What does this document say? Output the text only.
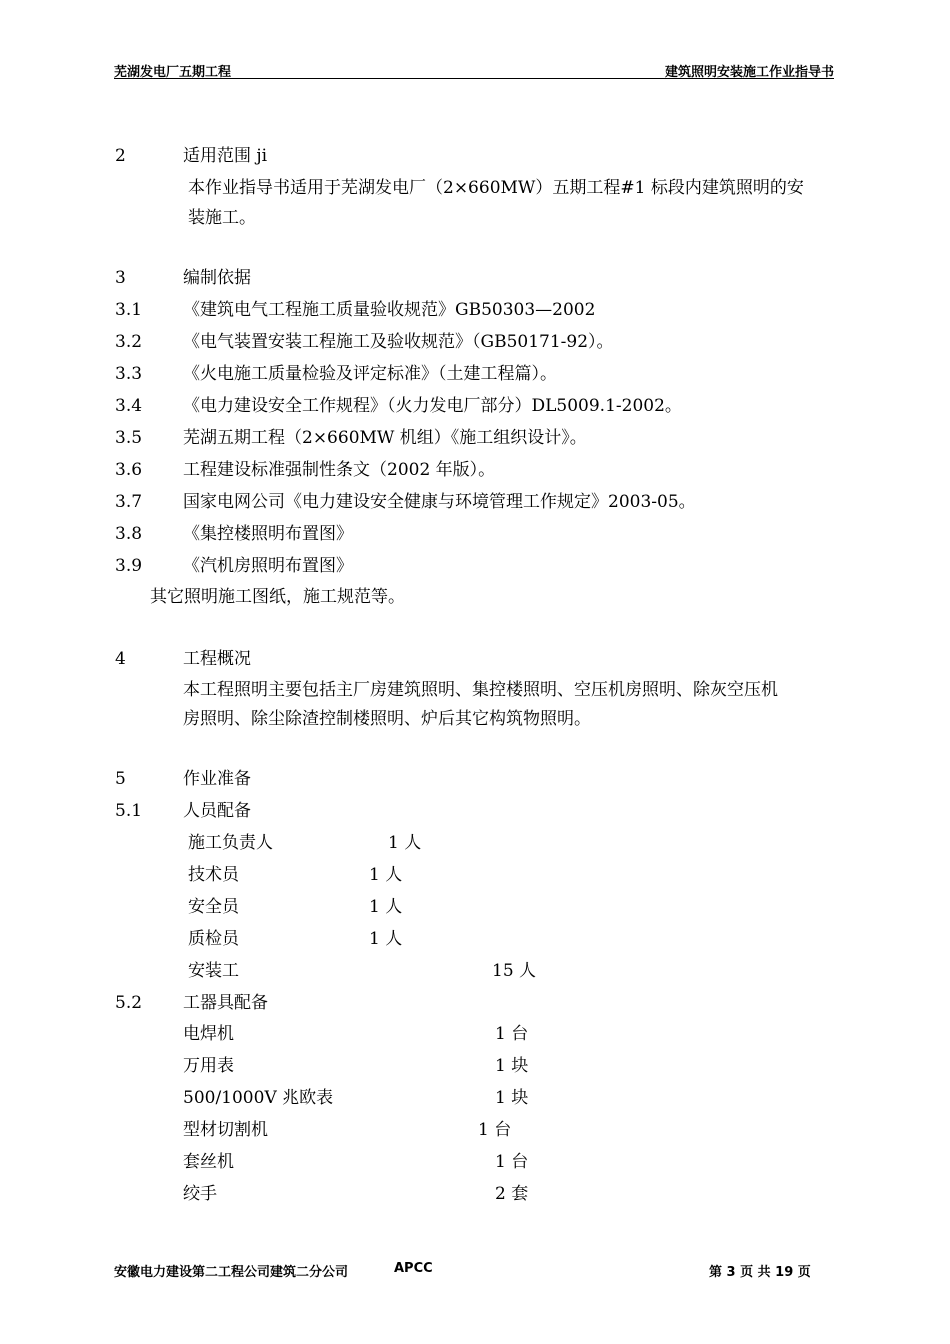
芜湖发电厂五期工程	建筑照明安装施工作业指导书
2	适用范围 ji
本作业指导书适用于芜湖发电厂（2×660MW）五期工程#1 标段内建筑照明的安
装施工。
3	编制依据
3.1 《建筑电气工程施工质量验收规范》GB50303—2002
3.2 《电气装置安装工程施工及验收规范》（GB50171-92）。
3.3 《火电施工质量检验及评定标准》（土建工程篇）。
3.4 《电力建设安全工作规程》（火力发电厂部分）DL5009.1-2002。
3.5 芜湖五期工程（2×660MW 机组）《施工组织设计》。
3.6 工程建设标准强制性条文（2002 年版）。
3.7 国家电网公司《电力建设安全健康与环境管理工作规定》2003-05。
3.8 《集控楼照明布置图》
3.9 《汽机房照明布置图》
其它照明施工图纸，施工规范等。
4	工程概况
本工程照明主要包括主厂房建筑照明、集控楼照明、空压机房照明、除灰空压机
房照明、除尘除渣控制楼照明、炉后其它构筑物照明。
5	作业准备
5.1 人员配备
施工负责人	1 人
技术员	1 人
安全员	1 人
质检员	1 人
安装工	15 人
5.2 工器具配备
电焊机	1 台
万用表	1 块
500/1000V 兆欧表	1 块
型材切割机	1 台
套丝机	1 台
绞手	2 套
安徽电力建设第二工程公司建筑二分公司	APCC	第 3 页 共 19 页
